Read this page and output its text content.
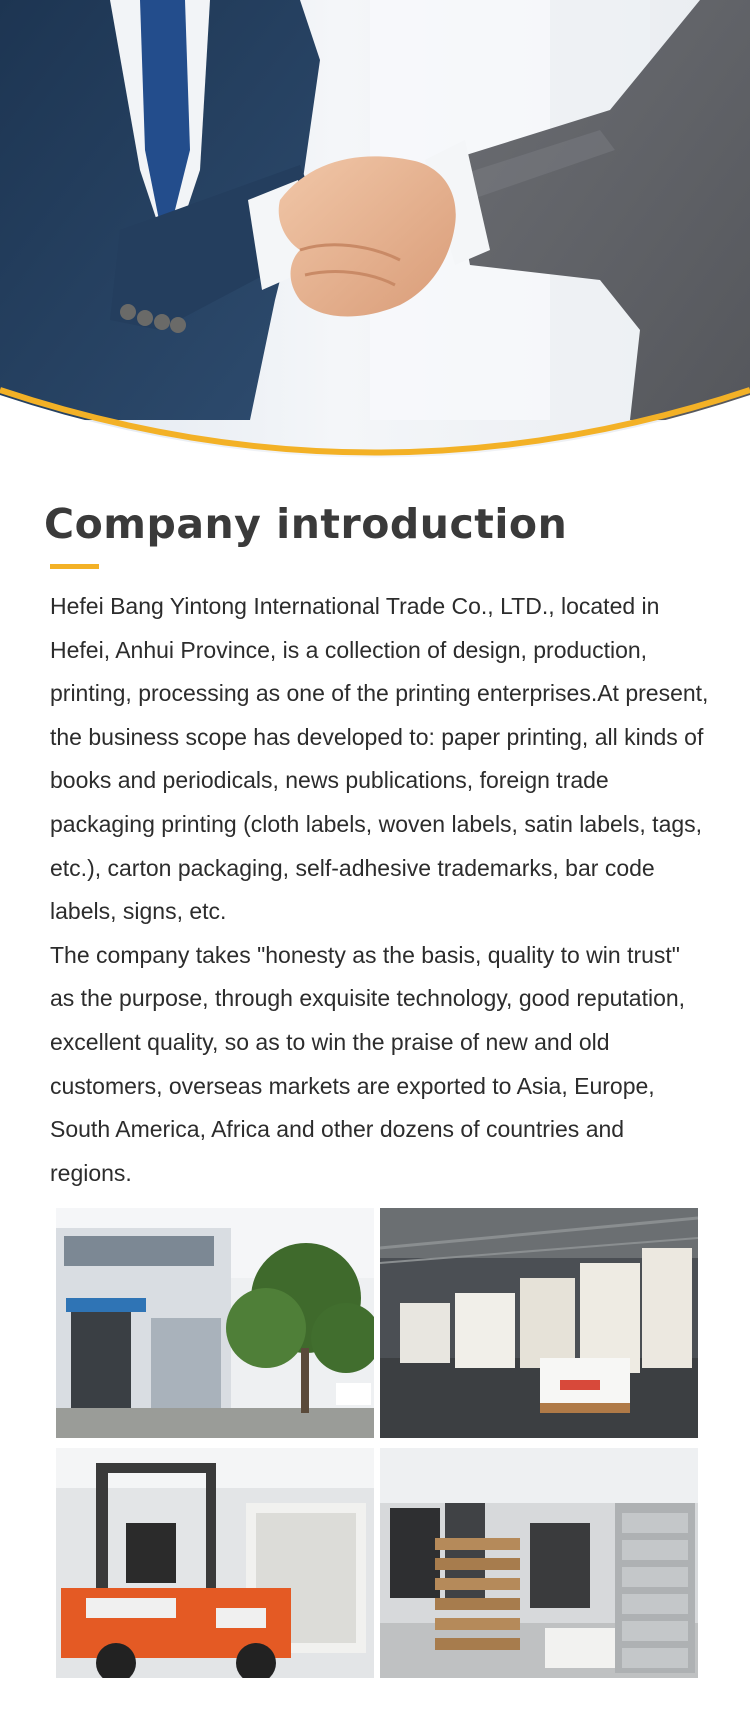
Company introduction

Hefei Bang Yintong International Trade Co., LTD., located in Hefei, Anhui Province, is a collection of design, production, printing, processing as one of the printing enterprises.At present, the business scope has developed to: paper printing, all kinds of books and periodicals, news publications, foreign trade packaging printing (cloth labels, woven labels, satin labels, tags, etc.), carton packaging, self-adhesive trademarks, bar code labels, signs, etc.

The company takes "honesty as the basis, quality to win trust" as the purpose, through exquisite technology, good reputation, excellent quality, so as to win the praise of new and old customers, overseas markets are exported to Asia, Europe, South America, Africa and other dozens of countries and regions.
